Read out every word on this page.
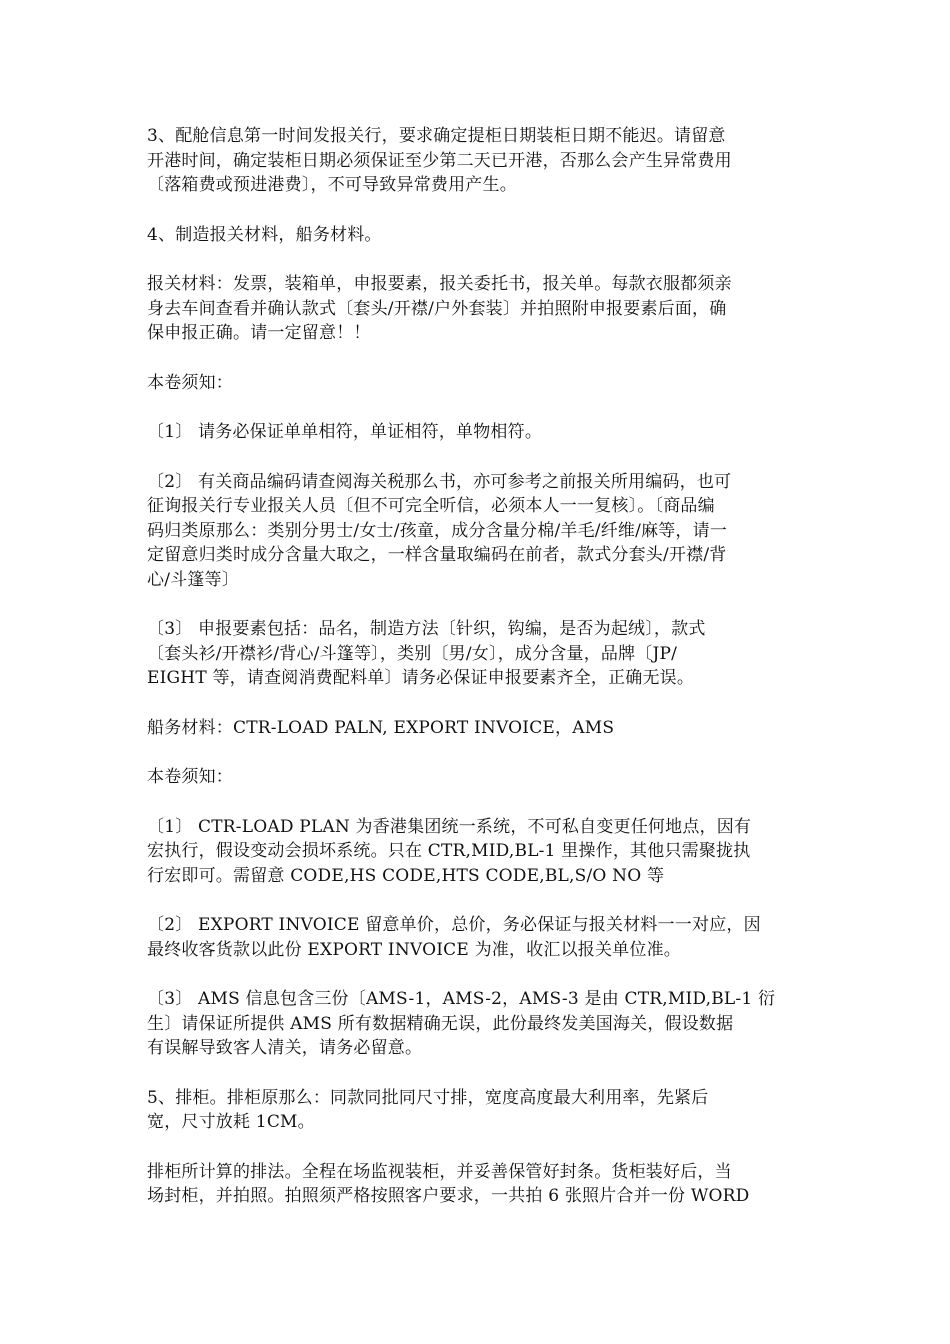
3、配舱信息第一时间发报关行，要求确定提柜日期装柜日期不能迟。请留意
开港时间，确定装柜日期必须保证至少第二天已开港，否那么会产生异常费用
〔落箱费或预进港费〕，不可导致异常费用产生。

4、制造报关材料，船务材料。

报关材料：发票，装箱单，申报要素，报关委托书，报关单。每款衣服都须亲
身去车间查看并确认款式〔套头/开襟/户外套装〕并拍照附申报要素后面，确
保申报正确。请一定留意！！

本卷须知：

〔1〕 请务必保证单单相符，单证相符，单物相符。

〔2〕 有关商品编码请查阅海关税那么书，亦可参考之前报关所用编码，也可
征询报关行专业报关人员〔但不可完全听信，必须本人一一复核〕。〔商品编
码归类原那么：类别分男士/女士/孩童，成分含量分棉/羊毛/纤维/麻等，请一
定留意归类时成分含量大取之，一样含量取编码在前者，款式分套头/开襟/背
心/斗篷等〕

〔3〕 申报要素包括：品名，制造方法〔针织，钩编，是否为起绒〕，款式
〔套头衫/开襟衫/背心/斗篷等〕，类别〔男/女〕，成分含量，品牌〔JP/
EIGHT 等，请查阅消费配料单〕请务必保证申报要素齐全，正确无误。

船务材料：CTR-LOAD PALN, EXPORT INVOICE，AMS

本卷须知：

〔1〕 CTR-LOAD PLAN 为香港集团统一系统，不可私自变更任何地点，因有
宏执行，假设变动会损坏系统。只在 CTR,MID,BL-1 里操作，其他只需聚拢执
行宏即可。需留意 CODE,HS CODE,HTS CODE,BL,S/O NO 等

〔2〕 EXPORT INVOICE 留意单价，总价，务必保证与报关材料一一对应，因
最终收客货款以此份 EXPORT INVOICE 为准，收汇以报关单位准。

〔3〕 AMS 信息包含三份〔AMS-1，AMS-2，AMS-3 是由 CTR,MID,BL-1 衍
生〕请保证所提供 AMS 所有数据精确无误，此份最终发美国海关，假设数据
有误解导致客人清关，请务必留意。

5、排柜。排柜原那么：同款同批同尺寸排，宽度高度最大利用率，先紧后
宽，尺寸放耗 1CM。

排柜所计算的排法。全程在场监视装柜，并妥善保管好封条。货柜装好后，当
场封柜，并拍照。拍照须严格按照客户要求，一共拍 6 张照片合并一份 WORD
